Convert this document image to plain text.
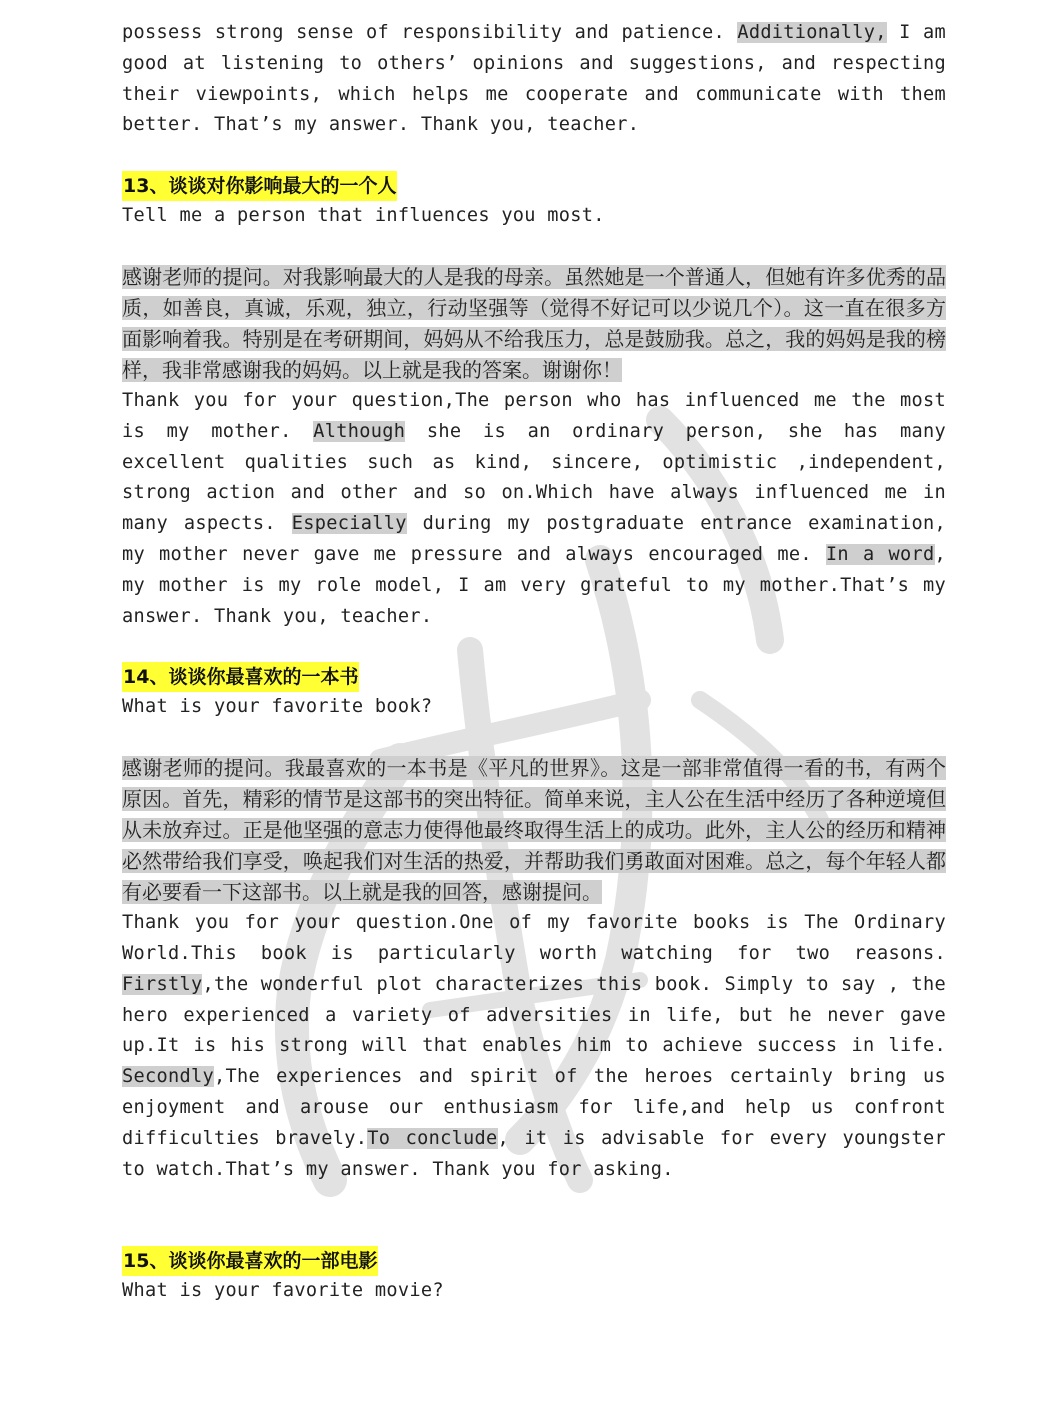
possess strong sense of responsibility and patience. Additionally, I am good at listening to others’ opinions and suggestions, and respecting their viewpoints, which helps me cooperate and communicate with them better. That’s my answer. Thank you, teacher.

13、谈谈对你影响最大的一个人

Tell me a person that influences you most.

感谢老师的提问。对我影响最大的人是我的母亲。虽然她是一个普通人，但她有许多优秀的品质，如善良，真诚，乐观，独立，行动坚强等（觉得不好记可以少说几个）。这一直在很多方面影响着我。特别是在考研期间，妈妈从不给我压力，总是鼓励我。总之，我的妈妈是我的榜样，我非常感谢我的妈妈。以上就是我的答案。谢谢你！

Thank you for your question,The person who has influenced me the most is my mother. Although she is an ordinary person, she has many excellent qualities such as kind, sincere, optimistic ,independent, strong action and other and so on.Which have always influenced me in many aspects. Especially during my postgraduate entrance examination, my mother never gave me pressure and always encouraged me. In a word, my mother is my role model, I am very grateful to my mother.That’s my answer. Thank you, teacher.

14、谈谈你最喜欢的一本书

What is your favorite book?

感谢老师的提问。我最喜欢的一本书是《平凡的世界》。这是一部非常值得一看的书，有两个原因。首先，精彩的情节是这部书的突出特征。简单来说，主人公在生活中经历了各种逆境但从未放弃过。正是他坚强的意志力使得他最终取得生活上的成功。此外，主人公的经历和精神必然带给我们享受，唤起我们对生活的热爱，并帮助我们勇敢面对困难。总之，每个年轻人都有必要看一下这部书。以上就是我的回答，感谢提问。

Thank you for your question.One of my favorite books is The Ordinary World.This book is particularly worth watching for two reasons. Firstly,the wonderful plot characterizes this book. Simply to say , the hero experienced a variety of adversities in life, but he never gave up.It is his strong will that enables him to achieve success in life. Secondly,The experiences and spirit of the heroes certainly bring us enjoyment and arouse our enthusiasm for life,and help us confront difficulties bravely.To conclude, it is advisable for every youngster to watch.That’s my answer. Thank you for asking.

15、谈谈你最喜欢的一部电影

What is your favorite movie?
